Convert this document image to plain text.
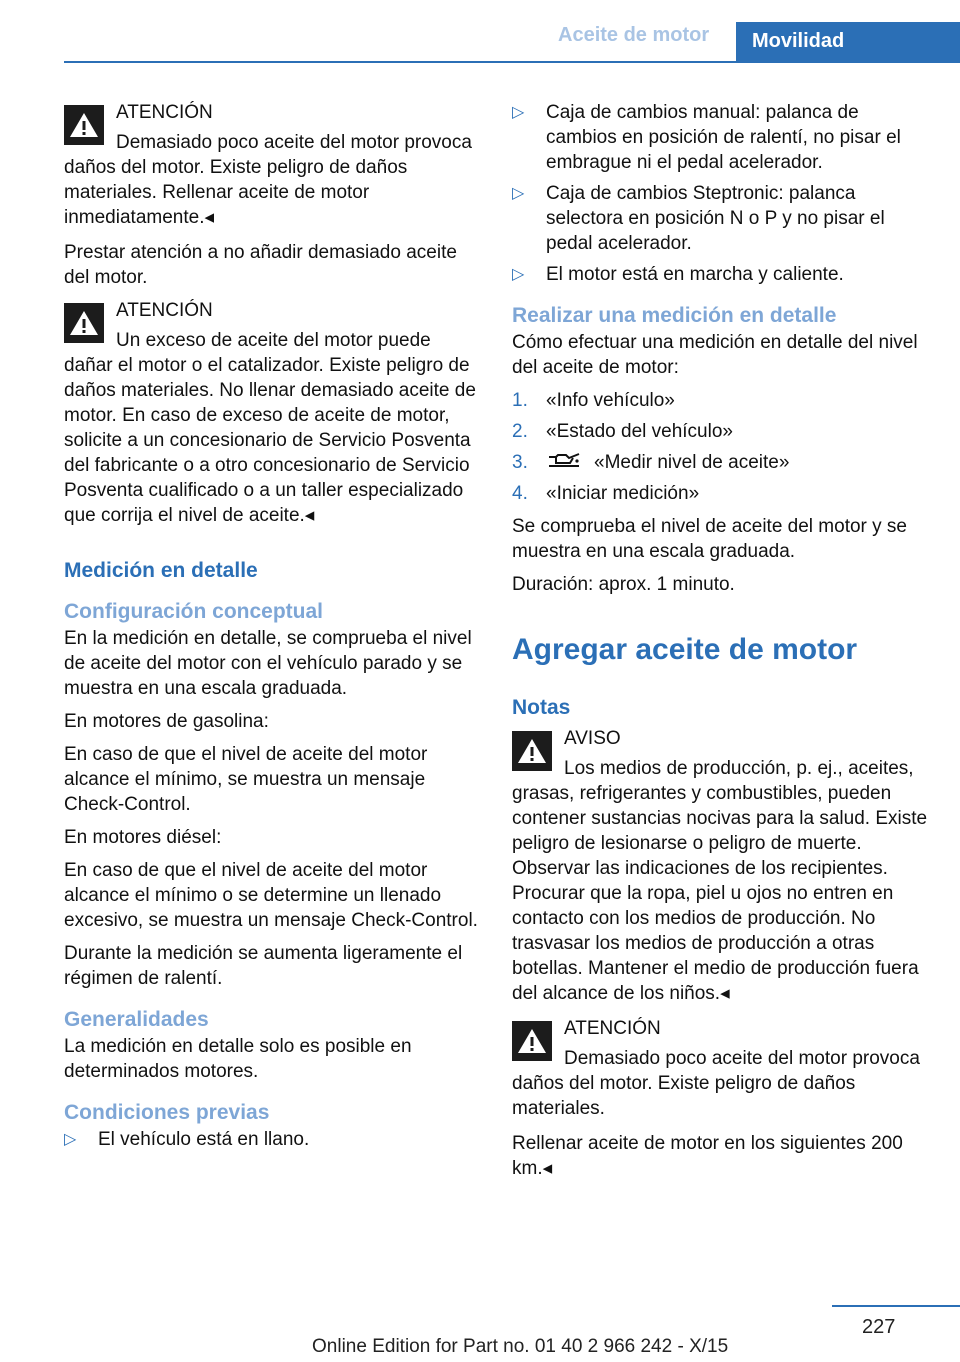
Aceite de motor	Movilidad
ATENCIÓN
Demasiado poco aceite del motor provoca daños del motor. Existe peligro de daños materiales. Rellenar aceite de motor inmediatamente.◂

Prestar atención a no añadir demasiado aceite del motor.

ATENCIÓN
Un exceso de aceite del motor puede dañar el motor o el catalizador. Existe peligro de daños materiales. No llenar demasiado aceite de motor. En caso de exceso de aceite de motor, solicite a un concesionario de Servicio Posventa del fabricante o a otro concesionario de Servicio Posventa cualificado o a un taller especializado que corrija el nivel de aceite.◂
Medición en detalle
Configuración conceptual

En la medición en detalle, se comprueba el nivel de aceite del motor con el vehículo parado y se muestra en una escala graduada.

En motores de gasolina:

En caso de que el nivel de aceite del motor alcance el mínimo, se muestra un mensaje Check-Control.

En motores diésel:

En caso de que el nivel de aceite del motor alcance el mínimo o se determine un llenado excesivo, se muestra un mensaje Check-Control.

Durante la medición se aumenta ligeramente el régimen de ralentí.

Generalidades

La medición en detalle solo es posible en determinados motores.

Condiciones previas
▷ El vehículo está en llano.
▷ Caja de cambios manual: palanca de cambios en posición de ralentí, no pisar el embrague ni el pedal acelerador.
▷ Caja de cambios Steptronic: palanca selectora en posición N o P y no pisar el pedal acelerador.
▷ El motor está en marcha y caliente.
Realizar una medición en detalle

Cómo efectuar una medición en detalle del nivel del aceite de motor:

1. «Info vehículo»
2. «Estado del vehículo»
3.	«Medir nivel de aceite»
4. «Iniciar medición»

Se comprueba el nivel de aceite del motor y se muestra en una escala graduada.

Duración: aprox. 1 minuto.

Agregar aceite de motor
Notas
AVISO
Los medios de producción, p. ej., aceites, grasas, refrigerantes y combustibles, pueden contener sustancias nocivas para la salud. Existe peligro de lesionarse o peligro de muerte. Observar las indicaciones de los recipientes. Procurar que la ropa, piel u ojos no entren en contacto con los medios de producción. No trasvasar los medios de producción a otras botellas. Mantener el medio de producción fuera del alcance de los niños.◂
ATENCIÓN
Demasiado poco aceite del motor provoca daños del motor. Existe peligro de daños materiales.

Rellenar aceite de motor en los siguientes 200 km.◂

227
Online Edition for Part no. 01 40 2 966 242 - X/15
